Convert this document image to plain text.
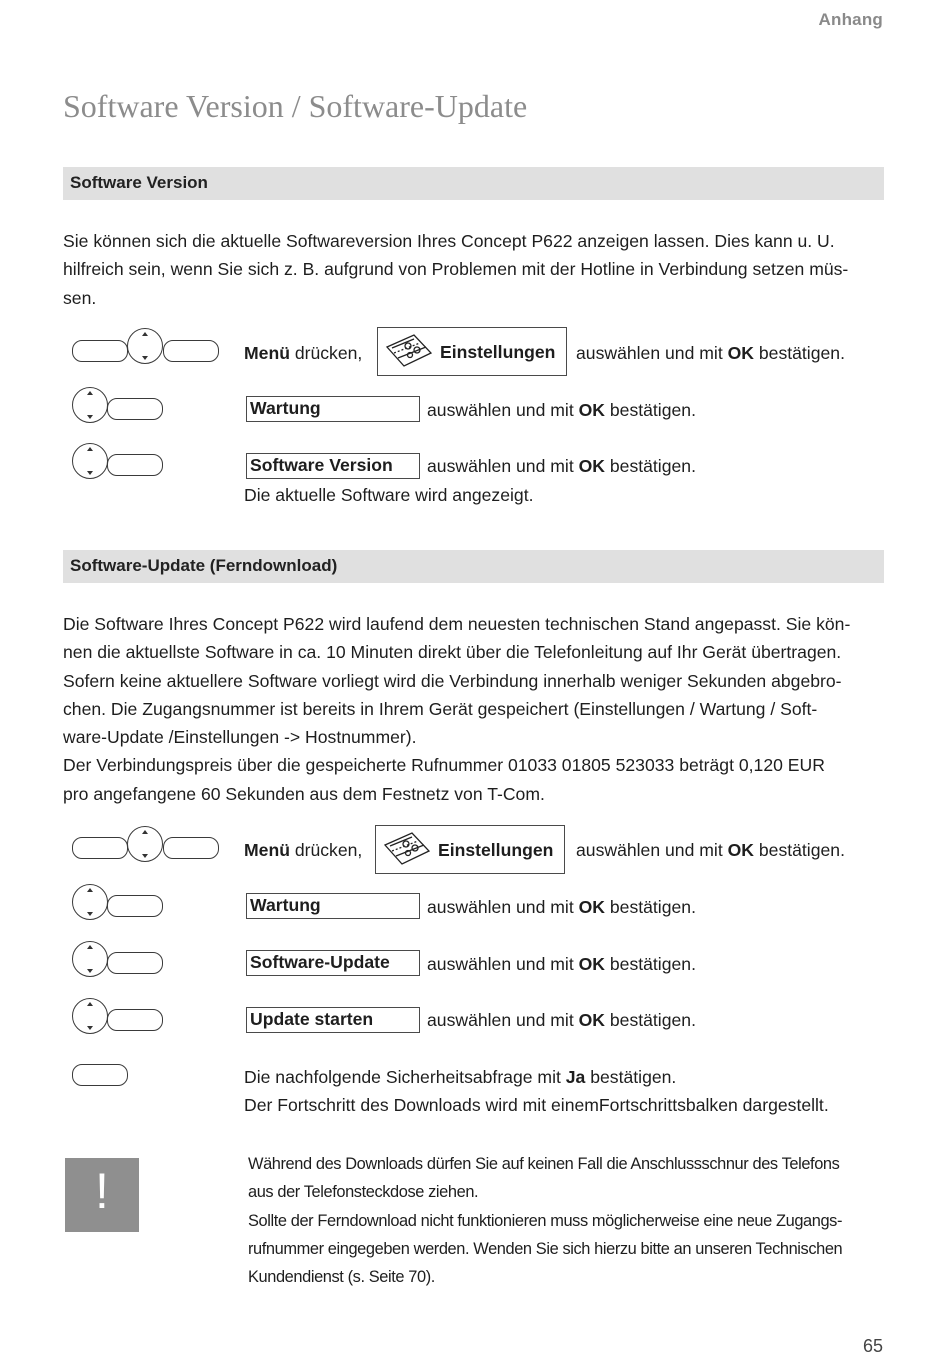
Anhang
Software Version / Software-Update
Software Version

Sie können sich die aktuelle Softwareversion Ihres Concept P622 anzeigen lassen. Dies kann u. U.

hilfreich sein, wenn Sie sich z. B. aufgrund von Problemen mit der Hotline in Verbindung setzen müs-

sen.

Menü drücken,	Einstellungen auswählen und mit OK bestätigen.
Wartung	auswählen und mit OK bestätigen.
Software Version auswählen und mit OK bestätigen.
Die aktuelle Software wird angezeigt.
Software-Update (Ferndownload)

Die Software Ihres Concept P622 wird laufend dem neuesten technischen Stand angepasst. Sie kön-

nen die aktuellste Software in ca. 10 Minuten direkt über die Telefonleitung auf Ihr Gerät übertragen.

Sofern keine aktuellere Software vorliegt wird die Verbindung innerhalb weniger Sekunden abgebro-

chen. Die Zugangsnummer ist bereits in Ihrem Gerät gespeichert (Einstellungen / Wartung / Soft-

ware-Update /Einstellungen -> Hostnummer).

Der Verbindungspreis über die gespeicherte Rufnummer 01033 01805 523033 beträgt 0,120 EUR

pro angefangene 60 Sekunden aus dem Festnetz von T-Com.

Menü drücken,	Einstellungen auswählen und mit OK bestätigen.
Wartung	auswählen und mit OK bestätigen.
Software-Update auswählen und mit OK bestätigen.
Update starten	auswählen und mit OK bestätigen.
Die nachfolgende Sicherheitsabfrage mit Ja bestätigen.
Der Fortschritt des Downloads wird mit einemFortschrittsbalken dargestellt.
!	Während des Downloads dürfen Sie auf keinen Fall die Anschlussschnur des Telefons

aus der Telefonsteckdose ziehen.

Sollte der Ferndownload nicht funktionieren muss möglicherweise eine neue Zugangs-

rufnummer eingegeben werden. Wenden Sie sich hierzu bitte an unseren Technischen

Kundendienst (s. Seite 70).

65
